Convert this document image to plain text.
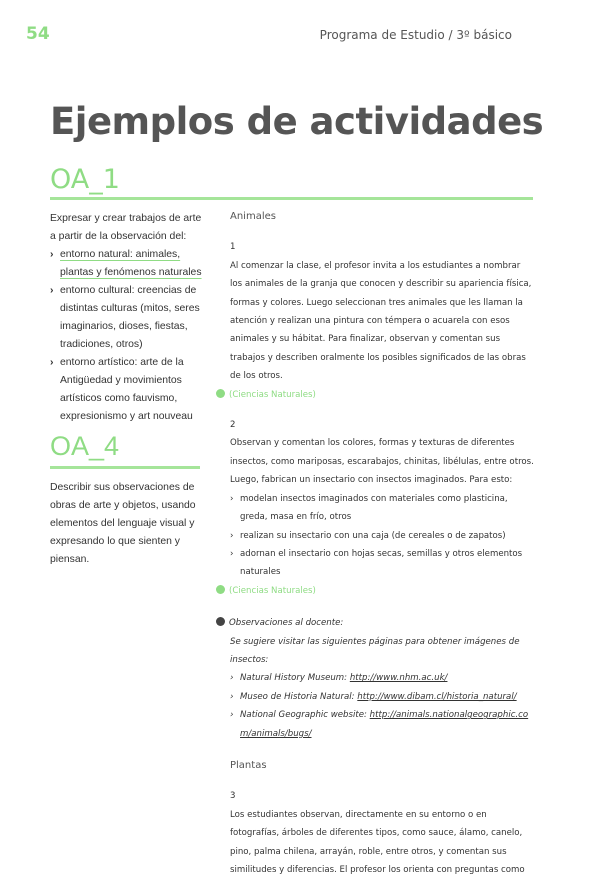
54	Programa de Estudio / 3º básico
Ejemplos de actividades
OA_1
Expresar y crear trabajos de arte a partir de la observación del:
› entorno natural: animales, plantas y fenómenos naturales
› entorno cultural: creencias de distintas culturas (mitos, seres imaginarios, dioses, fiestas, tradiciones, otros)
› entorno artístico: arte de la Antigüedad y movimientos artísticos como fauvismo, expresionismo y art nouveau
OA_4
Describir sus observaciones de obras de arte y objetos, usando elementos del lenguaje visual y expresando lo que sienten y piensan.
Animales
1
Al comenzar la clase, el profesor invita a los estudiantes a nombrar los animales de la granja que conocen y describir su apariencia física, formas y colores. Luego seleccionan tres animales que les llaman la atención y realizan una pintura con témpera o acuarela con esos animales y su hábitat. Para finalizar, observan y comentan sus trabajos y describen oralmente los posibles significados de las obras de los otros.
(Ciencias Naturales)
2
Observan y comentan los colores, formas y texturas de diferentes insectos, como mariposas, escarabajos, chinitas, libélulas, entre otros. Luego, fabrican un insectario con insectos imaginados. Para esto:
› modelan insectos imaginados con materiales como plasticina, greda, masa en frío, otros
› realizan su insectario con una caja (de cereales o de zapatos)
› adornan el insectario con hojas secas, semillas y otros elementos naturales
(Ciencias Naturales)
Observaciones al docente:
Se sugiere visitar las siguientes páginas para obtener imágenes de insectos:
› Natural History Museum: http://www.nhm.ac.uk/
› Museo de Historia Natural: http://www.dibam.cl/historia_natural/
› National Geographic website: http://animals.nationalgeographic.com/animals/bugs/
Plantas
3
Los estudiantes observan, directamente en su entorno o en fotografías, árboles de diferentes tipos, como sauce, álamo, canelo, pino, palma chilena, arrayán, roble, entre otros, y comentan sus similitudes y diferencias. El profesor los orienta con preguntas como
